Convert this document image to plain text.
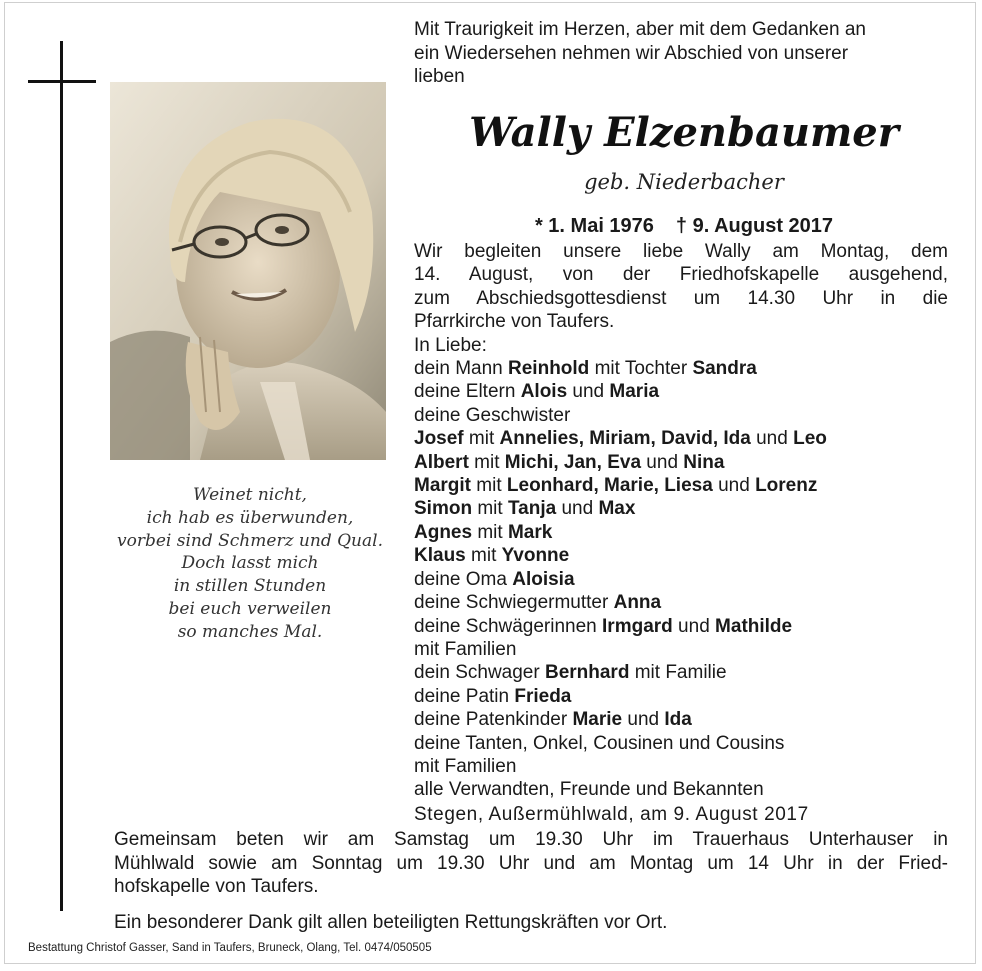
Weinet nicht,
ich hab es überwunden,
vorbei sind Schmerz und Qual.
Doch lasst mich
in stillen Stunden
bei euch verweilen
so manches Mal.
Mit Traurigkeit im Herzen, aber mit dem Gedanken an
ein Wiedersehen nehmen wir Abschied von unserer
lieben
Wally Elzenbaumer
geb. Niederbacher
* 1. Mai 1976 † 9. August 2017
Wir begleiten unsere liebe Wally am Montag, dem
14. August, von der Friedhofskapelle ausgehend,
zum Abschiedsgottesdienst um 14.30 Uhr in die
Pfarrkirche von Taufers.
In Liebe:
dein Mann Reinhold mit Tochter Sandra
deine Eltern Alois und Maria
deine Geschwister
Josef mit Annelies, Miriam, David, Ida und Leo
Albert mit Michi, Jan, Eva und Nina
Margit mit Leonhard, Marie, Liesa und Lorenz
Simon mit Tanja und Max
Agnes mit Mark
Klaus mit Yvonne
deine Oma Aloisia
deine Schwiegermutter Anna
deine Schwägerinnen Irmgard und Mathilde
mit Familien
dein Schwager Bernhard mit Familie
deine Patin Frieda
deine Patenkinder Marie und Ida
deine Tanten, Onkel, Cousinen und Cousins
mit Familien
alle Verwandten, Freunde und Bekannten
Stegen, Außermühlwald, am 9. August 2017
Gemeinsam beten wir am Samstag um 19.30 Uhr im Trauerhaus Unterhauser in
Mühlwald sowie am Sonntag um 19.30 Uhr und am Montag um 14 Uhr in der Fried-
hofskapelle von Taufers.
Ein besonderer Dank gilt allen beteiligten Rettungskräften vor Ort.
Bestattung Christof Gasser, Sand in Taufers, Bruneck, Olang, Tel. 0474/050505
